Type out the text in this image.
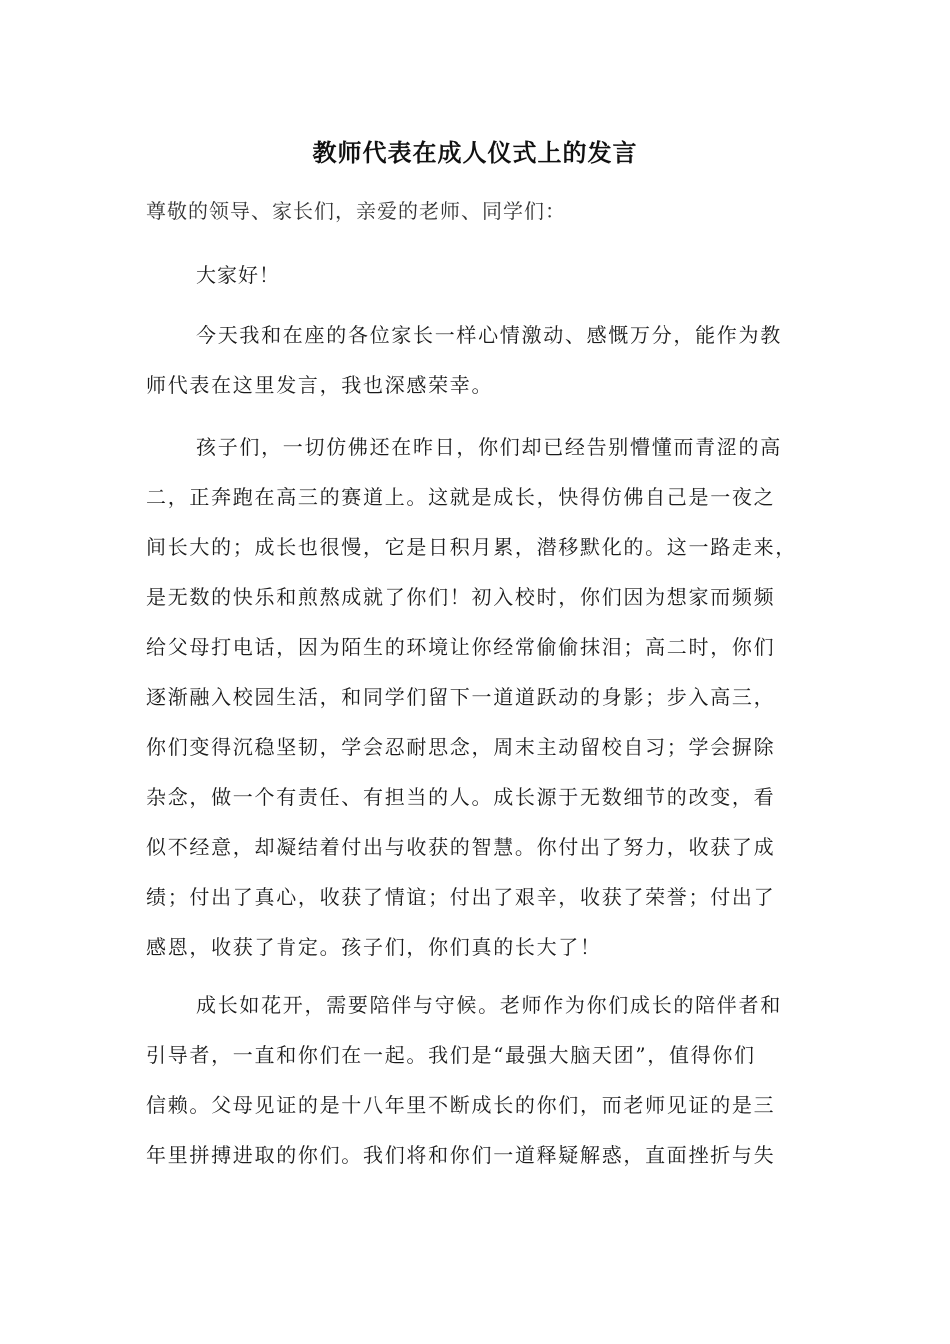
教师代表在成人仪式上的发言
尊敬的领导、家长们，亲爱的老师、同学们：
大家好！
今天我和在座的各位家长一样心情激动、感慨万分，能作为教
师代表在这里发言，我也深感荣幸。
孩子们，一切仿佛还在昨日，你们却已经告别懵懂而青涩的高
二，正奔跑在高三的赛道上。这就是成长，快得仿佛自己是一夜之
间长大的；成长也很慢，它是日积月累，潜移默化的。这一路走来，
是无数的快乐和煎熬成就了你们！初入校时，你们因为想家而频频
给父母打电话，因为陌生的环境让你经常偷偷抹泪；高二时，你们
逐渐融入校园生活，和同学们留下一道道跃动的身影；步入高三，
你们变得沉稳坚韧，学会忍耐思念，周末主动留校自习；学会摒除
杂念，做一个有责任、有担当的人。成长源于无数细节的改变，看
似不经意，却凝结着付出与收获的智慧。你付出了努力，收获了成
绩；付出了真心，收获了情谊；付出了艰辛，收获了荣誉；付出了
感恩，收获了肯定。孩子们，你们真的长大了！
成长如花开，需要陪伴与守候。老师作为你们成长的陪伴者和
引导者，一直和你们在一起。我们是“最强大脑天团”，值得你们
信赖。父母见证的是十八年里不断成长的你们，而老师见证的是三
年里拼搏进取的你们。我们将和你们一道释疑解惑，直面挫折与失
